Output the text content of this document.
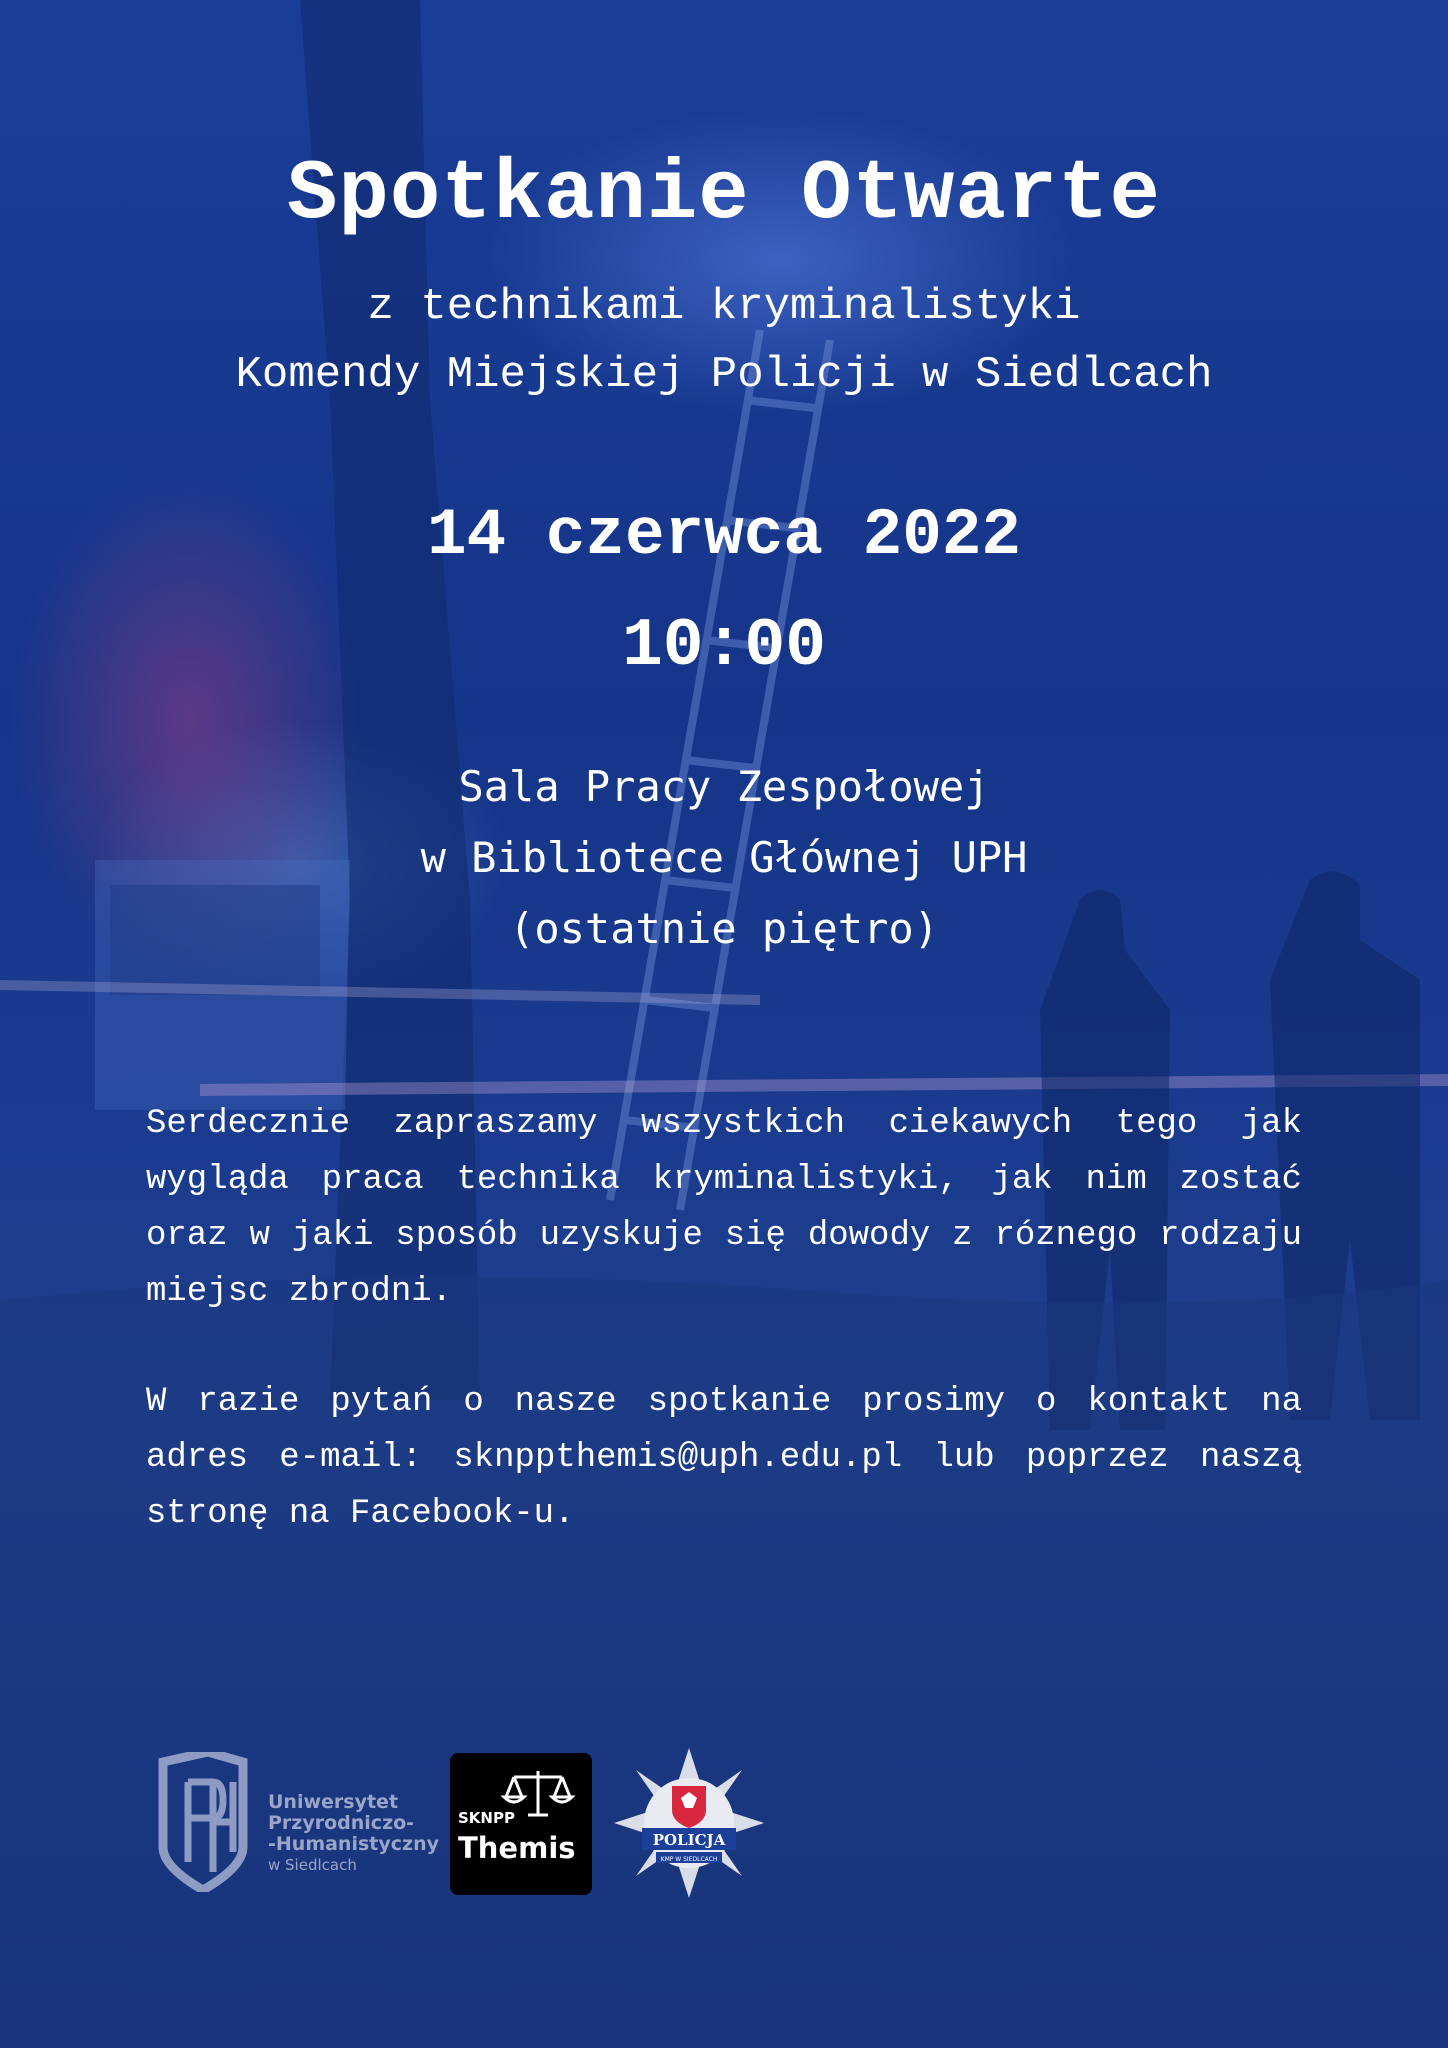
Spotkanie Otwarte
z technikami kryminalistyki
Komendy Miejskiej Policji w Siedlcach
14 czerwca 2022
10:00
Sala Pracy Zespołowej
w Bibliotece Głównej UPH
(ostatnie piętro)
Serdecznie zapraszamy wszystkich ciekawych tego jak wygląda praca technika kryminalistyki, jak nim zostać oraz w jaki sposób uzyskuje się dowody z róznego rodzaju miejsc zbrodni.
W razie pytań o nasze spotkanie prosimy o kontakt na adres e-mail: sknppthemis@uph.edu.pl lub poprzez naszą stronę na Facebook-u.
Uniwersytet
Przyrodniczo-
-Humanistyczny
w Siedlcach
SKNPP
Themis	POLICJA
KMP W SIEDLCACH
